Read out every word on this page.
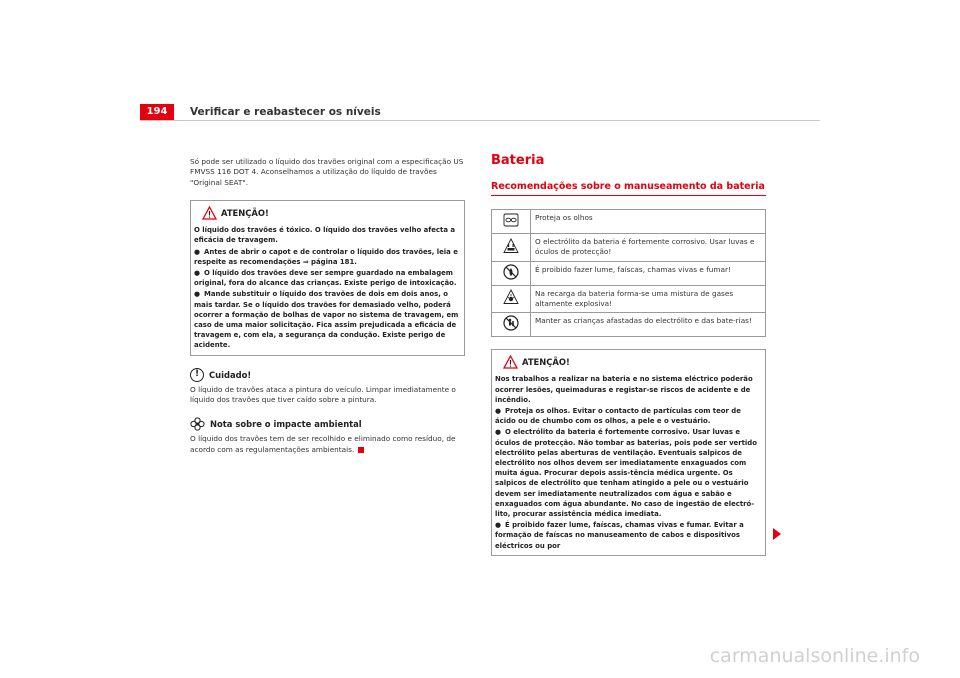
194	Verificar e reabastecer os níveis

Só pode ser utilizado o líquido dos travões original com a especificação US FMVSS 116 DOT 4. Aconselhamos a utilização do líquido de travões "Original SEAT".

ATENÇÃO!

O líquido dos travões é tóxico. O líquido dos travões velho afecta a eficácia de travagem.

● Antes de abrir o capot e de controlar o líquido dos travões, leia e respeite as recomendações ⇒ página 181.

● O líquido dos travões deve ser sempre guardado na embalagem original, fora do alcance das crianças. Existe perigo de intoxicação.

● Mande substituir o líquido dos travões de dois em dois anos, o mais tardar. Se o líquido dos travões for demasiado velho, poderá ocorrer a formação de bolhas de vapor no sistema de travagem, em caso de uma maior solicitação. Fica assim prejudicada a eficácia de travagem e, com ela, a segurança da condução. Existe perigo de acidente.

!	Cuidado!

O líquido de travões ataca a pintura do veículo. Limpar imediatamente o líquido dos travões que tiver caído sobre a pintura.

Nota sobre o impacte ambiental

O líquido dos travões tem de ser recolhido e eliminado como resíduo, de acordo com as regulamentações ambientais.

Bateria
Recomendações sobre o manuseamento da bateria
	Proteja os olhos
	O electrólito da bateria é fortemente corrosivo. Usar luvas e óculos de protecção!
	É proibido fazer lume, faíscas, chamas vivas e fumar!
	Na recarga da bateria forma-se uma mistura de gases altamente explosiva!
	Manter as crianças afastadas do electrólito e das bate-rias!
ATENÇÃO!

Nos trabalhos a realizar na bateria e no sistema eléctrico poderão ocorrer lesões, queimaduras e registar-se riscos de acidente e de incêndio.

● Proteja os olhos. Evitar o contacto de partículas com teor de ácido ou de chumbo com os olhos, a pele e o vestuário.

● O electrólito da bateria é fortemente corrosivo. Usar luvas e óculos de protecção. Não tombar as baterias, pois pode ser vertido electrólito pelas aberturas de ventilação. Eventuais salpicos de electrólito nos olhos devem ser imediatamente enxaguados com muita água. Procurar depois assis-tência médica urgente. Os salpicos de electrólito que tenham atingido a pele ou o vestuário devem ser imediatamente neutralizados com água e sabão e enxaguados com água abundante. No caso de ingestão de electró-lito, procurar assistência médica imediata.

● É proibido fazer lume, faíscas, chamas vivas e fumar. Evitar a formação de faíscas no manuseamento de cabos e dispositivos eléctricos ou por

carmanualsonline.info
